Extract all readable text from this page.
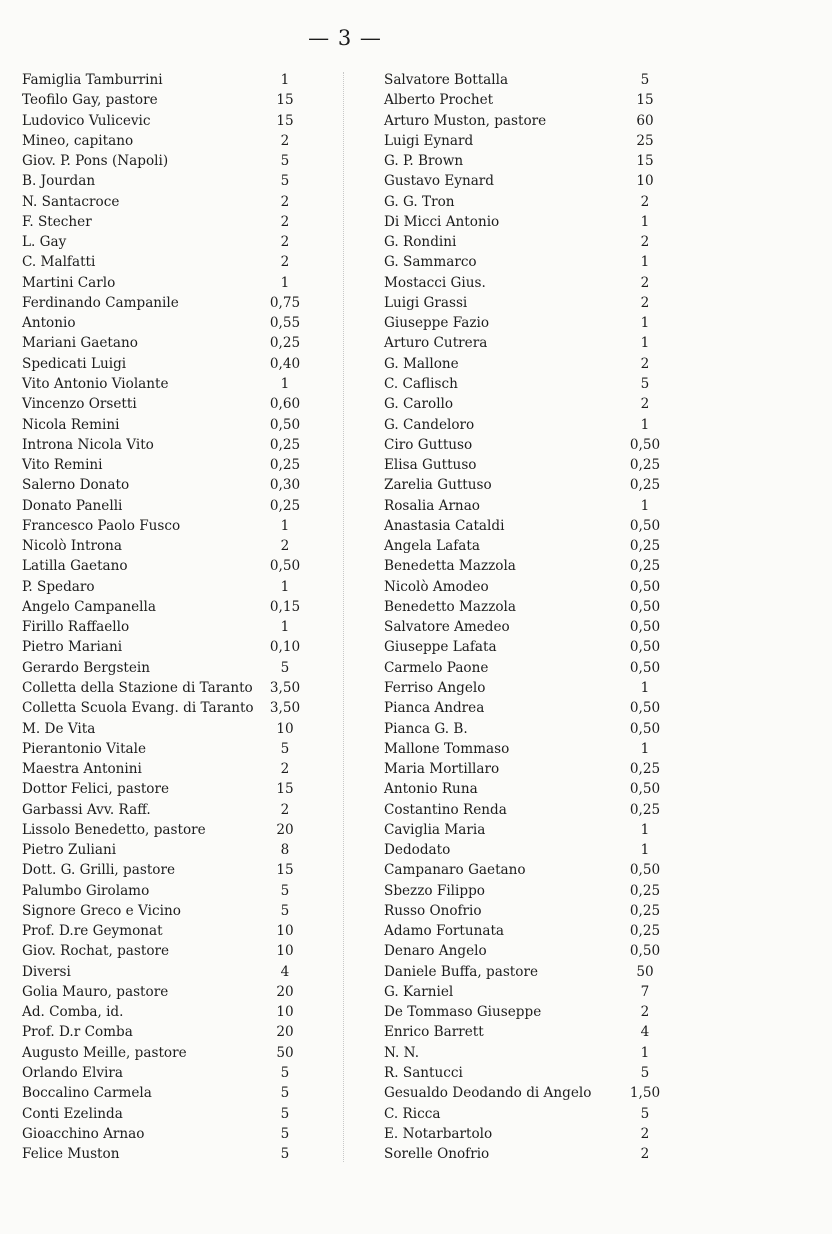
— 3 —
Famiglia Tamburrini	1
Teofilo Gay, pastore	15
Ludovico Vulicevic	15
Mineo, capitano	2
Giov. P. Pons (Napoli)	5
B. Jourdan	5
N. Santacroce	2
F. Stecher	2
L. Gay	2
C. Malfatti	2
Martini Carlo	1
Ferdinando Campanile	0,75
Antonio	0,55
Mariani Gaetano	0,25
Spedicati Luigi	0,40
Vito Antonio Violante	1
Vincenzo Orsetti	0,60
Nicola Remini	0,50
Introna Nicola Vito	0,25
Vito Remini	0,25
Salerno Donato	0,30
Donato Panelli	0,25
Francesco Paolo Fusco	1
Nicolò Introna	2
Latilla Gaetano	0,50
P. Spedaro	1
Angelo Campanella	0,15
Firillo Raffaello	1
Pietro Mariani	0,10
Gerardo Bergstein	5
Colletta della Stazione di Taranto	3,50
Colletta Scuola Evang. di Taranto	3,50
M. De Vita	10
Pierantonio Vitale	5
Maestra Antonini	2
Dottor Felici, pastore	15
Garbassi Avv. Raff.	2
Lissolo Benedetto, pastore	20
Pietro Zuliani	8
Dott. G. Grilli, pastore	15
Palumbo Girolamo	5
Signore Greco e Vicino	5
Prof. D.re Geymonat	10
Giov. Rochat, pastore	10
Diversi	4
Golia Mauro, pastore	20
Ad. Comba, id.	10
Prof. D.r Comba	20
Augusto Meille, pastore	50
Orlando Elvira	5
Boccalino Carmela	5
Conti Ezelinda	5
Gioacchino Arnao	5
Felice Muston	5
Salvatore Bottalla	5
Alberto Prochet	15
Arturo Muston, pastore	60
Luigi Eynard	25
G. P. Brown	15
Gustavo Eynard	10
G. G. Tron	2
Di Micci Antonio	1
G. Rondini	2
G. Sammarco	1
Mostacci Gius.	2
Luigi Grassi	2
Giuseppe Fazio	1
Arturo Cutrera	1
G. Mallone	2
C. Caflisch	5
G. Carollo	2
G. Candeloro	1
Ciro Guttuso	0,50
Elisa Guttuso	0,25
Zarelia Guttuso	0,25
Rosalia Arnao	1
Anastasia Cataldi	0,50
Angela Lafata	0,25
Benedetta Mazzola	0,25
Nicolò Amodeo	0,50
Benedetto Mazzola	0,50
Salvatore Amedeo	0,50
Giuseppe Lafata	0,50
Carmelo Paone	0,50
Ferriso Angelo	1
Pianca Andrea	0,50
Pianca G. B.	0,50
Mallone Tommaso	1
Maria Mortillaro	0,25
Antonio Runa	0,50
Costantino Renda	0,25
Caviglia Maria	1
Dedodato	1
Campanaro Gaetano	0,50
Sbezzo Filippo	0,25
Russo Onofrio	0,25
Adamo Fortunata	0,25
Denaro Angelo	0,50
Daniele Buffa, pastore	50
G. Karniel	7
De Tommaso Giuseppe	2
Enrico Barrett	4
N. N.	1
R. Santucci	5
Gesualdo Deodando di Angelo	1,50
C. Ricca	5
E. Notarbartolo	2
Sorelle Onofrio	2
